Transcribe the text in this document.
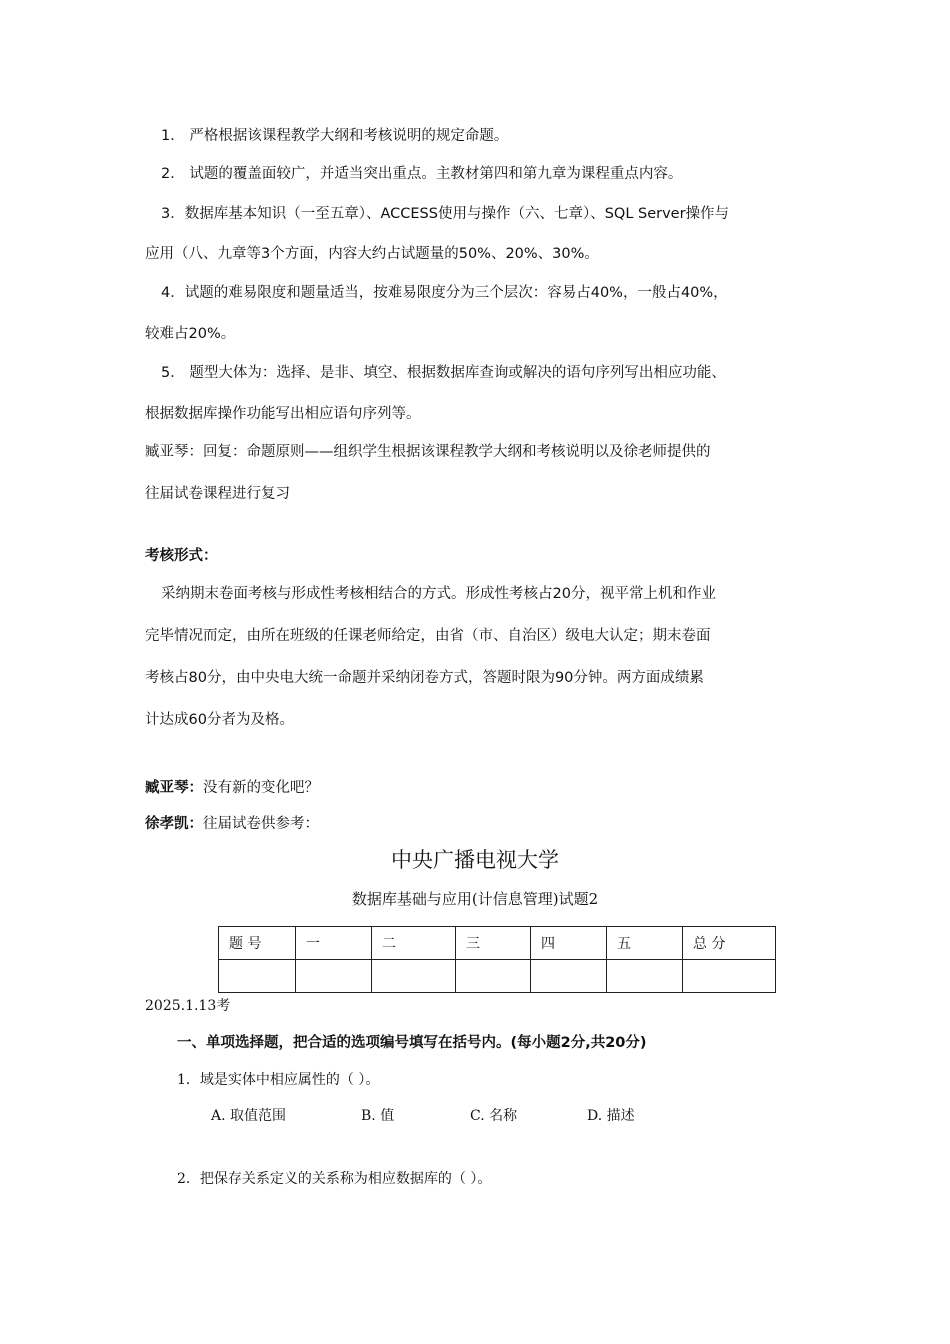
1． 严格根据该课程教学大纲和考核说明的规定命题。
2． 试题的覆盖面较广，并适当突出重点。主教材第四和第九章为课程重点内容。
3．数据库基本知识（一至五章）、ACCESS使用与操作（六、七章）、SQL Server操作与
应用（八、九章等3个方面，内容大约占试题量的50%、20%、30%。
4．试题的难易限度和题量适当，按难易限度分为三个层次：容易占40%，一般占40%，
较难占20%。
5． 题型大体为：选择、是非、填空、根据数据库查询或解决的语句序列写出相应功能、
根据数据库操作功能写出相应语句序列等。
臧亚琴：回复：命题原则——组织学生根据该课程教学大纲和考核说明以及徐老师提供的
往届试卷课程进行复习
考核形式：
采纳期末卷面考核与形成性考核相结合的方式。形成性考核占20分，视平常上机和作业
完毕情况而定，由所在班级的任课老师给定，由省（市、自治区）级电大认定；期末卷面
考核占80分，由中央电大统一命题并采纳闭卷方式，答题时限为90分钟。两方面成绩累
计达成60分者为及格。
臧亚琴：没有新的变化吧？
徐孝凯：往届试卷供参考：
中央广播电视大学
数据库基础与应用(计信息管理)试题2
题 号	一	二	三	四	五	总 分

2025.1.13考
一、单项选择题，把合适的选项编号填写在括号内。(每小题2分,共20分)
1．域是实体中相应属性的（ ）。
A. 取值范围	B. 值	C. 名称	D. 描述
2．把保存关系定义的关系称为相应数据库的（ ）。
